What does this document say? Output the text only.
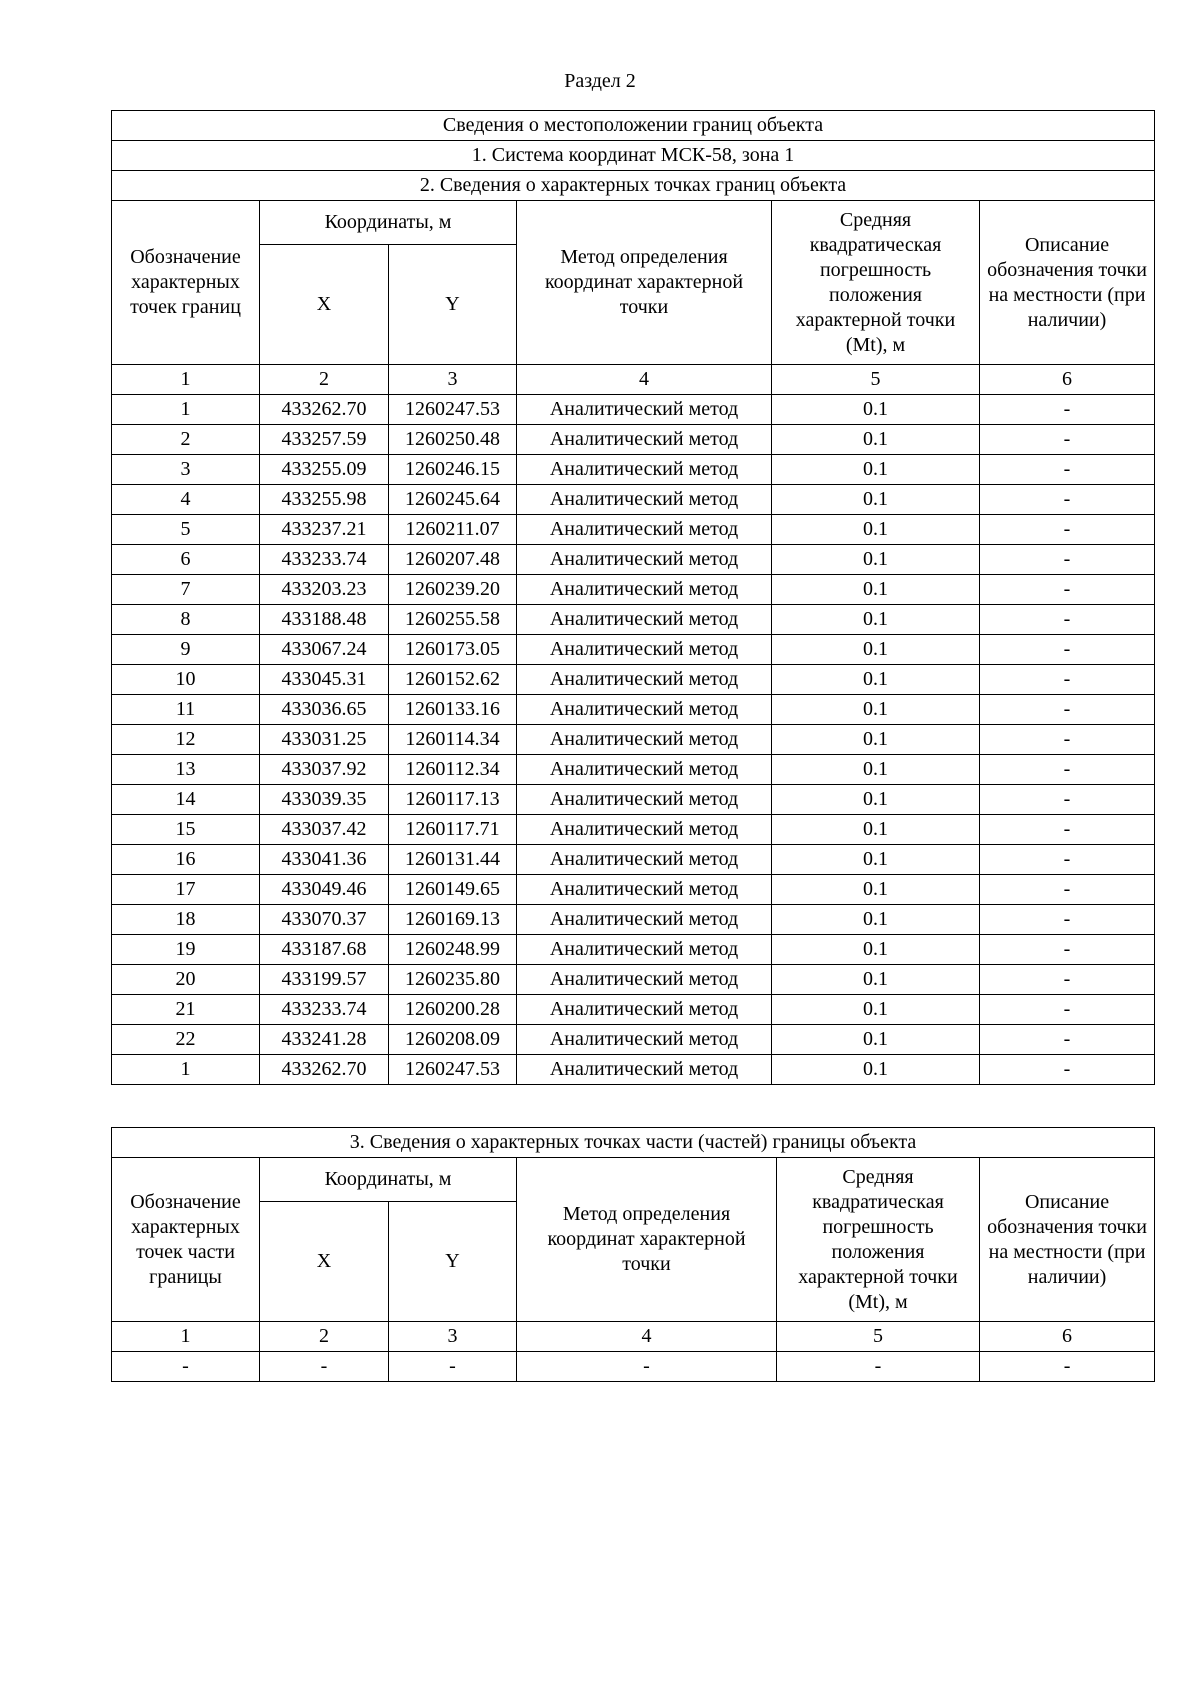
Раздел 2
Сведения о местоположении границ объекта					
1. Система координат МСК-58, зона 1					
2. Сведения о характерных точках границ объекта					
Обозначение характерных точек границ	Координаты, м		Метод определения координат характерной точки	Средняя квадратическая погрешность положения характерной точки (Mt), м	Описание обозначения точки на местности (при наличии)
	X	Y			
1	2	3	4	5	6
1	433262.70	1260247.53	Аналитический метод	0.1	-
2	433257.59	1260250.48	Аналитический метод	0.1	-
3	433255.09	1260246.15	Аналитический метод	0.1	-
4	433255.98	1260245.64	Аналитический метод	0.1	-
5	433237.21	1260211.07	Аналитический метод	0.1	-
6	433233.74	1260207.48	Аналитический метод	0.1	-
7	433203.23	1260239.20	Аналитический метод	0.1	-
8	433188.48	1260255.58	Аналитический метод	0.1	-
9	433067.24	1260173.05	Аналитический метод	0.1	-
10	433045.31	1260152.62	Аналитический метод	0.1	-
11	433036.65	1260133.16	Аналитический метод	0.1	-
12	433031.25	1260114.34	Аналитический метод	0.1	-
13	433037.92	1260112.34	Аналитический метод	0.1	-
14	433039.35	1260117.13	Аналитический метод	0.1	-
15	433037.42	1260117.71	Аналитический метод	0.1	-
16	433041.36	1260131.44	Аналитический метод	0.1	-
17	433049.46	1260149.65	Аналитический метод	0.1	-
18	433070.37	1260169.13	Аналитический метод	0.1	-
19	433187.68	1260248.99	Аналитический метод	0.1	-
20	433199.57	1260235.80	Аналитический метод	0.1	-
21	433233.74	1260200.28	Аналитический метод	0.1	-
22	433241.28	1260208.09	Аналитический метод	0.1	-
1	433262.70	1260247.53	Аналитический метод	0.1	-
3. Сведения о характерных точках части (частей) границы объекта					
Обозначение характерных точек части границы	Координаты, м		Метод определения координат характерной точки	Средняя квадратическая погрешность положения характерной точки (Mt), м	Описание обозначения точки на местности (при наличии)
	X	Y			
1	2	3	4	5	6
-	-	-	-	-	-
